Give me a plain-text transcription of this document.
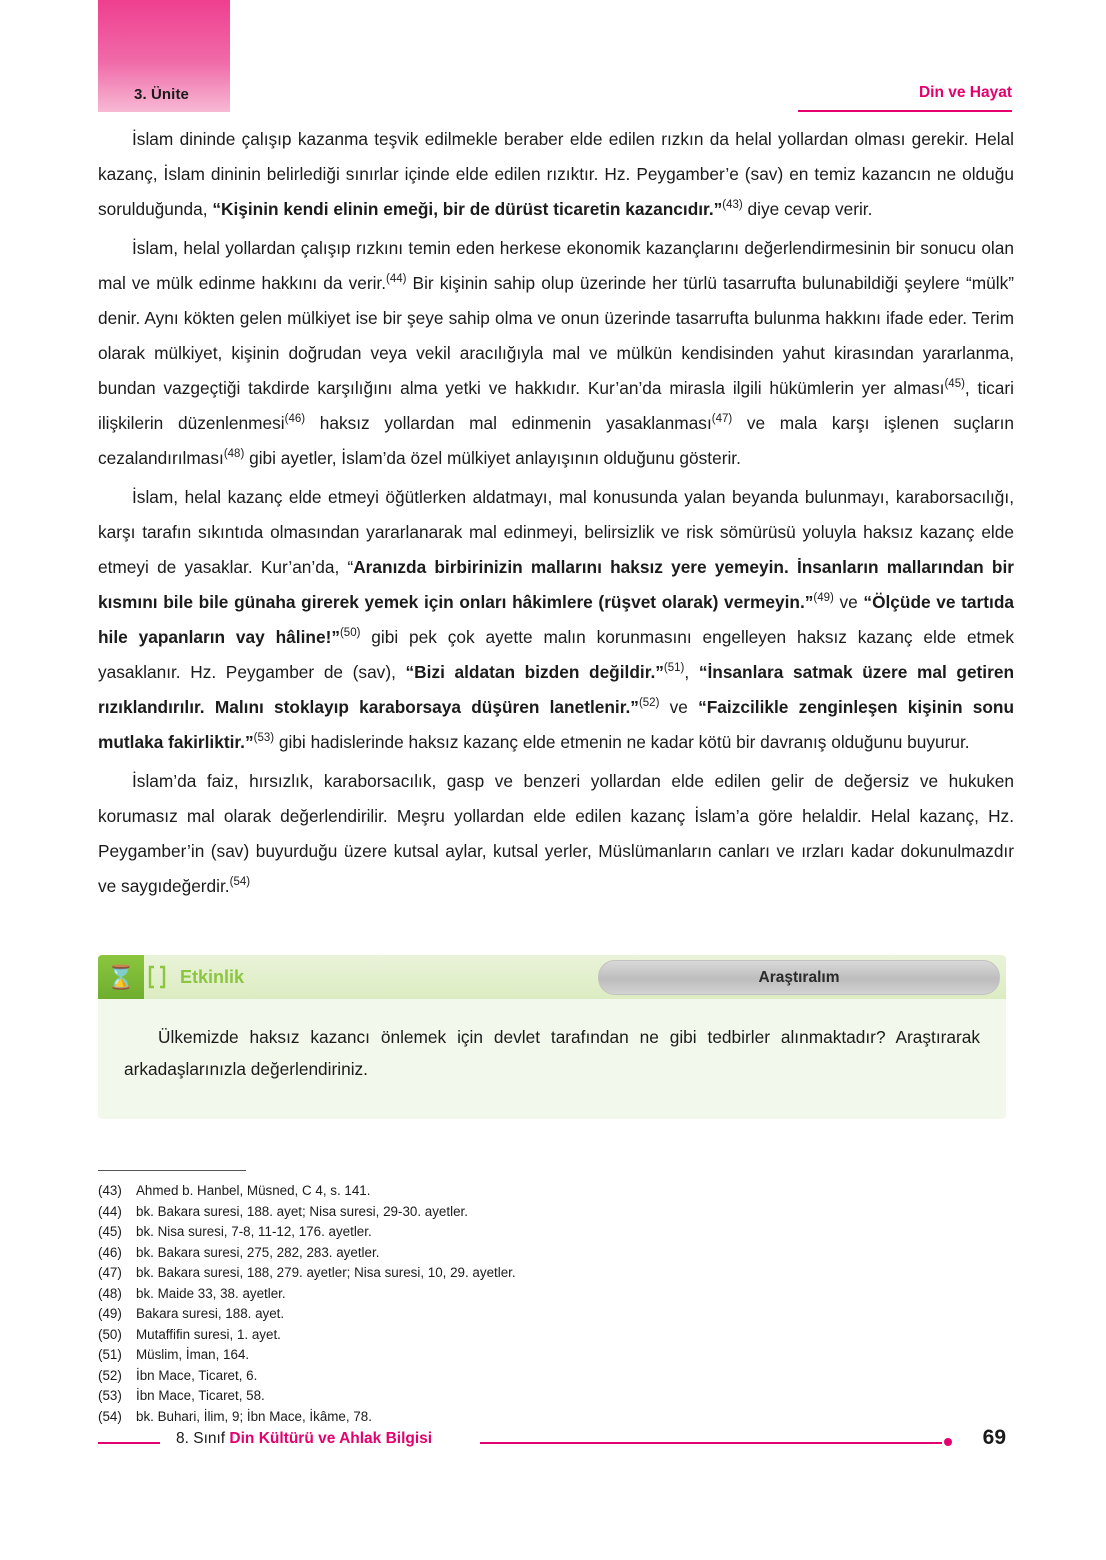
3. Ünite	Din ve Hayat

İslam dininde çalışıp kazanma teşvik edilmekle beraber elde edilen rızkın da helal yollardan olması gerekir. Helal kazanç, İslam dininin belirlediği sınırlar içinde elde edilen rızıktır. Hz. Peygamber’e (sav) en temiz kazancın ne olduğu sorulduğunda, “Kişinin kendi elinin emeği, bir de dürüst ticaretin kazancıdır.”$^{(43)}$ diye cevap verir.

İslam, helal yollardan çalışıp rızkını temin eden herkese ekonomik kazançlarını değerlendirmesinin bir sonucu olan mal ve mülk edinme hakkını da verir.$^{(44)}$ Bir kişinin sahip olup üzerinde her türlü tasarrufta bulunabildiği şeylere “mülk” denir. Aynı kökten gelen mülkiyet ise bir şeye sahip olma ve onun üzerinde tasarrufta bulunma hakkını ifade eder. Terim olarak mülkiyet, kişinin doğrudan veya vekil aracılığıyla mal ve mülkün kendisinden yahut kirasından yararlanma, bundan vazgeçtiği takdirde karşılığını alma yetki ve hakkıdır. Kur’an’da mirasla ilgili hükümlerin yer alması$^{(45)}$, ticari ilişkilerin düzenlenmesi$^{(46)}$ haksız yollardan mal edinmenin yasaklanması$^{(47)}$ ve mala karşı işlenen suçların cezalandırılması$^{(48)}$ gibi ayetler, İslam’da özel mülkiyet anlayışının olduğunu gösterir.

İslam, helal kazanç elde etmeyi öğütlerken aldatmayı, mal konusunda yalan beyanda bulunmayı, karaborsacılığı, karşı tarafın sıkıntıda olmasından yararlanarak mal edinmeyi, belirsizlik ve risk sömürüsü yoluyla haksız kazanç elde etmeyi de yasaklar. Kur’an’da, “Aranızda birbirinizin mallarını haksız yere yemeyin. İnsanların mallarından bir kısmını bile bile günaha girerek yemek için onları hâkimlere (rüşvet olarak) vermeyin.”$^{(49)}$ ve “Ölçüde ve tartıda hile yapanların vay hâline!”$^{(50)}$ gibi pek çok ayette malın korunmasını engelleyen haksız kazanç elde etmek yasaklanır. Hz. Peygamber de (sav), “Bizi aldatan bizden değildir.”$^{(51)}$, “İnsanlara satmak üzere mal getiren rızıklandırılır. Malını stoklayıp karaborsaya düşüren lanetlenir.”$^{(52)}$ ve “Faizcilikle zenginleşen kişinin sonu mutlaka fakirliktir.”$^{(53)}$ gibi hadislerinde haksız kazanç elde etmenin ne kadar kötü bir davranış olduğunu buyurur.

İslam’da faiz, hırsızlık, karaborsacılık, gasp ve benzeri yollardan elde edilen gelir de değersiz ve hukuken korumasız mal olarak değerlendirilir. Meşru yollardan elde edilen kazanç İslam’a göre helaldir. Helal kazanç, Hz. Peygamber’in (sav) buyurduğu üzere kutsal aylar, kutsal yerler, Müslümanların canları ve ırzları kadar dokunulmazdır ve saygıdeğerdir.$^{(54)}$

⌛	Etkinlik	Araştıralım

Ülkemizde haksız kazancı önlemek için devlet tarafından ne gibi tedbirler alınmaktadır? Araştırarak arkadaşlarınızla değerlendiriniz.

(43) Ahmed b. Hanbel, Müsned, C 4, s. 141.
(44) bk. Bakara suresi, 188. ayet; Nisa suresi, 29-30. ayetler.
(45) bk. Nisa suresi, 7-8, 11-12, 176. ayetler.
(46) bk. Bakara suresi, 275, 282, 283. ayetler.
(47) bk. Bakara suresi, 188, 279. ayetler; Nisa suresi, 10, 29. ayetler.
(48) bk. Maide 33, 38. ayetler.
(49) Bakara suresi, 188. ayet.
(50) Mutaffifin suresi, 1. ayet.
(51) Müslim, İman, 164.
(52) İbn Mace, Ticaret, 6.
(53) İbn Mace, Ticaret, 58.
(54) bk. Buhari, İlim, 9; İbn Mace, İkâme, 78.
8. Sınıf Din Kültürü ve Ahlak Bilgisi	69
